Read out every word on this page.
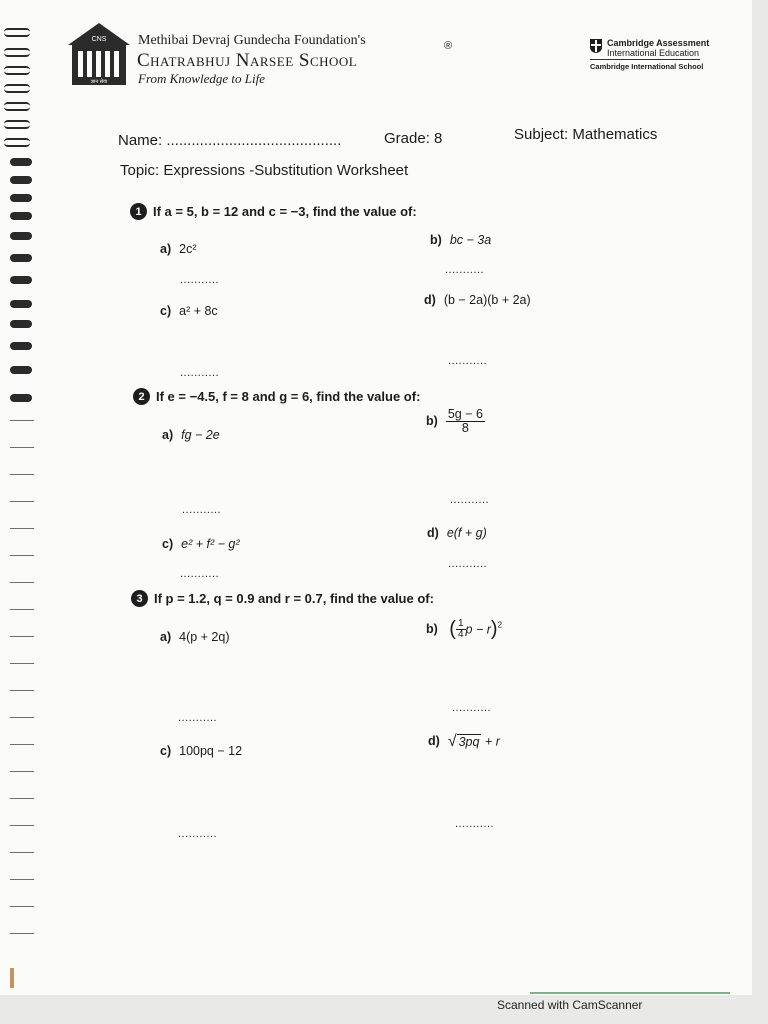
CNS
ज्ञान सेवा
Methibai Devraj Gundecha Foundation's
Chatrabhuj Narsee School
®
From Knowledge to Life
Cambridge Assessment
International Education
Cambridge International School
Name: ..........................................	Grade: 8	Subject: Mathematics
Topic: Expressions -Substitution Worksheet
1 If a = 5, b = 12 and c = −3, find the value of:
a) 2c²
b) bc − 3a
c) a² + 8c
d) (b − 2a)(b + 2a)
...........
...........
...........
...........
2 If e = −4.5, f = 8 and g = 6, find the value of:
a) fg − 2e
$b) \frac{5g - 6}{8}$
c) e² + f² − g²
d) e(f + g)
...........
...........
...........
...........
3 If p = 1.2, q = 0.9 and r = 0.7, find the value of:
a) 4(p + 2q)
b) ( $\frac{1}{4}$ p − r)$^2$
c) 100pq − 12
d) √ 3pq + r
...........
...........
...........
...........
Scanned with CamScanner
